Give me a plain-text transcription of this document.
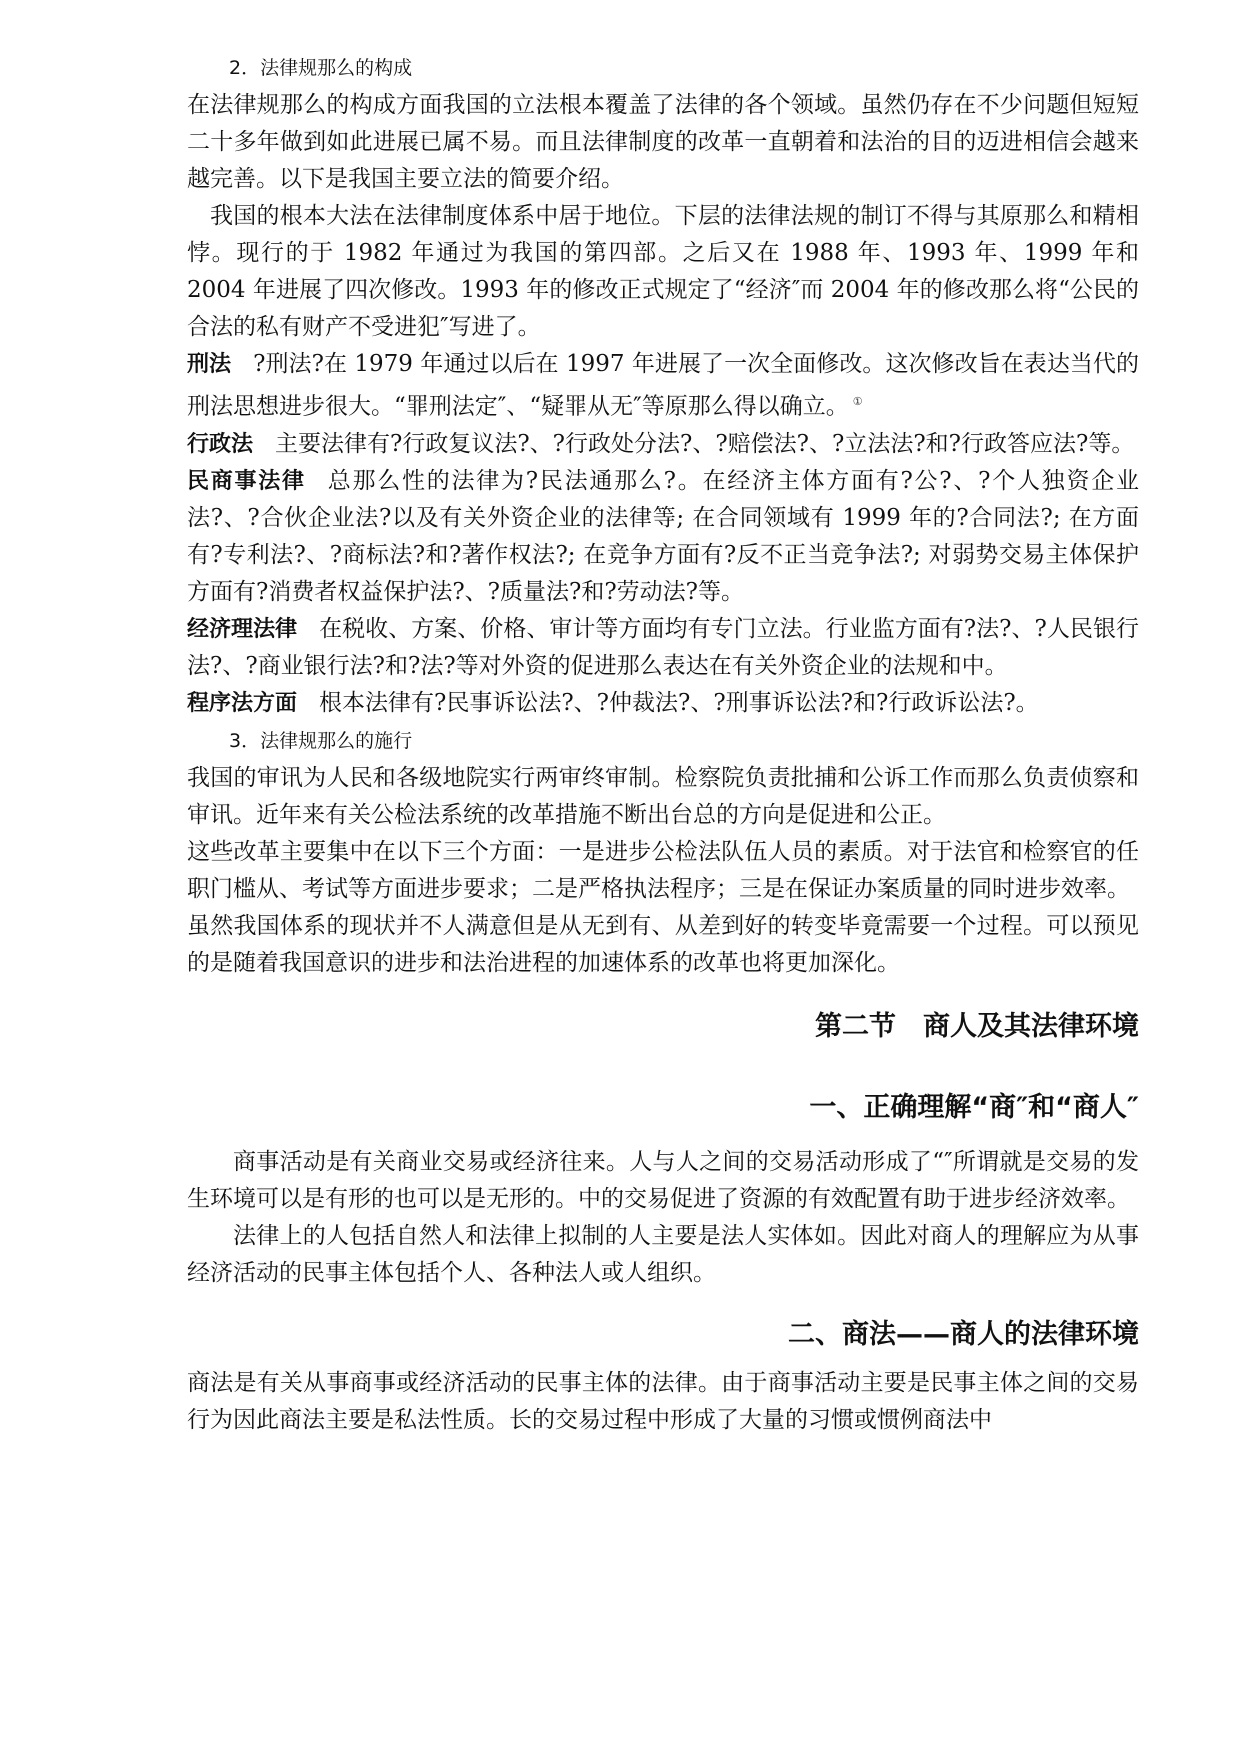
2．法律规那么的构成

在法律规那么的构成方面我国的立法根本覆盖了法律的各个领域。虽然仍存在不少问题但短短二十多年做到如此进展已属不易。而且法律制度的改革一直朝着和法治的目的迈进相信会越来越完善。以下是我国主要立法的简要介绍。

我国的根本大法在法律制度体系中居于地位。下层的法律法规的制订不得与其原那么和精相悖。现行的于 1982 年通过为我国的第四部。之后又在 1988 年、1993 年、1999 年和 2004 年进展了四次修改。1993 年的修改正式规定了“经济″而 2004 年的修改那么将“公民的合法的私有财产不受进犯″写进了。

刑法 ?刑法?在 1979 年通过以后在 1997 年进展了一次全面修改。这次修改旨在表达当代的刑法思想进步很大。“罪刑法定″、“疑罪从无″等原那么得以确立。 ①

行政法 主要法律有?行政复议法?、?行政处分法?、?赔偿法?、?立法法?和?行政答应法?等。

民商事法律 总那么性的法律为?民法通那么?。在经济主体方面有?公?、?个人独资企业法?、?合伙企业法?以及有关外资企业的法律等; 在合同领域有 1999 年的?合同法?; 在方面有?专利法?、?商标法?和?著作权法?; 在竞争方面有?反不正当竞争法?; 对弱势交易主体保护方面有?消费者权益保护法?、?质量法?和?劳动法?等。

经济理法律 在税收、方案、价格、审计等方面均有专门立法。行业监方面有?法?、?人民银行法?、?商业银行法?和?法?等对外资的促进那么表达在有关外资企业的法规和中。

程序法方面 根本法律有?民事诉讼法?、?仲裁法?、?刑事诉讼法?和?行政诉讼法?。

3．法律规那么的施行

我国的审讯为人民和各级地院实行两审终审制。检察院负责批捕和公诉工作而那么负责侦察和审讯。近年来有关公检法系统的改革措施不断出台总的方向是促进和公正。

这些改革主要集中在以下三个方面：一是进步公检法队伍人员的素质。对于法官和检察官的任职门槛从、考试等方面进步要求；二是严格执法程序；三是在保证办案质量的同时进步效率。

虽然我国体系的现状并不人满意但是从无到有、从差到好的转变毕竟需要一个过程。可以预见的是随着我国意识的进步和法治进程的加速体系的改革也将更加深化。

第二节　商人及其法律环境

一、正确理解“商″和“商人″

商事活动是有关商业交易或经济往来。人与人之间的交易活动形成了“″所谓就是交易的发生环境可以是有形的也可以是无形的。中的交易促进了资源的有效配置有助于进步经济效率。

法律上的人包括自然人和法律上拟制的人主要是法人实体如。因此对商人的理解应为从事经济活动的民事主体包括个人、各种法人或人组织。

二、商法——商人的法律环境

商法是有关从事商事或经济活动的民事主体的法律。由于商事活动主要是民事主体之间的交易行为因此商法主要是私法性质。长的交易过程中形成了大量的习惯或惯例商法中
